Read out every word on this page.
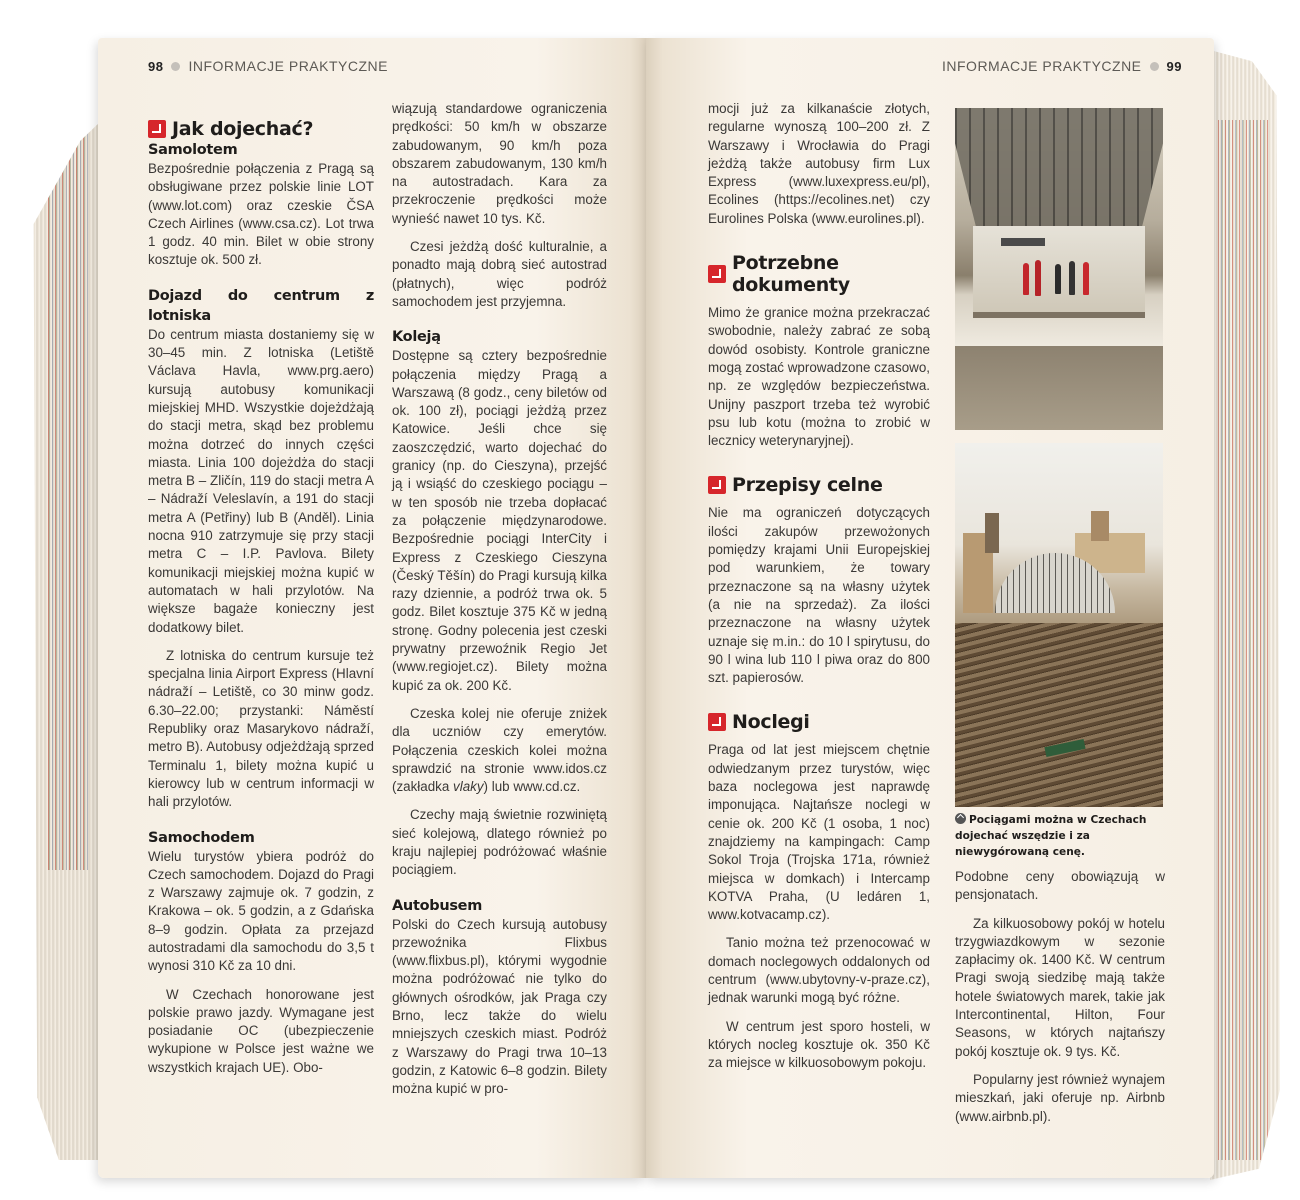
98 INFORMACJE PRAKTYCZNE
Jak dojechać?
Samolotem

Bezpośrednie połączenia z Pragą są obsługiwane przez polskie linie LOT (www.lot.com) oraz czeskie ČSA Czech Airlines (www.csa.cz). Lot trwa 1 godz. 40 min. Bilet w obie strony kosztuje ok. 500 zł.

Dojazd do centrum z lotniska

Do centrum miasta dostaniemy się w 30–45 min. Z lotniska (Letiště Václava Havla, www.prg.aero) kursują autobusy komunikacji miejskiej MHD. Wszystkie dojeżdżają do stacji metra, skąd bez problemu można dotrzeć do innych części miasta. Linia 100 dojeżdża do stacji metra B – Zličín, 119 do stacji metra A – Nádraží Veleslavín, a 191 do stacji metra A (Petřiny) lub B (Anděl). Linia nocna 910 zatrzymuje się przy stacji metra C – I.P. Pavlova. Bilety komunikacji miejskiej można kupić w automatach w hali przylotów. Na większe bagaże konieczny jest dodatkowy bilet.

Z lotniska do centrum kursuje też specjalna linia Airport Express (Hlavní nádraží – Letiště, co 30 minw godz. 6.30–22.00; przystanki: Náměstí Republiky oraz Masarykovo nádraží, metro B). Autobusy odjeżdżają sprzed Terminalu 1, bilety można kupić u kierowcy lub w centrum informacji w hali przylotów.

Samochodem

Wielu turystów ybiera podróż do Czech samochodem. Dojazd do Pragi z Warszawy zajmuje ok. 7 godzin, z Krakowa – ok. 5 godzin, a z Gdańska 8–9 godzin. Opłata za przejazd autostradami dla samochodu do 3,5 t wynosi 310 Kč za 10 dni.

W Czechach honorowane jest polskie prawo jazdy. Wymagane jest posiadanie OC (ubezpieczenie wykupione w Polsce jest ważne we wszystkich krajach UE). Obo-

wiązują standardowe ograniczenia prędkości: 50 km/h w obszarze zabudowanym, 90 km/h poza obszarem zabudowanym, 130 km/h na autostradach. Kara za przekroczenie prędkości może wynieść nawet 10 tys. Kč.

Czesi jeżdżą dość kulturalnie, a ponadto mają dobrą sieć autostrad (płatnych), więc podróż samochodem jest przyjemna.

Koleją

Dostępne są cztery bezpośrednie połączenia między Pragą a Warszawą (8 godz., ceny biletów od ok. 100 zł), pociągi jeżdżą przez Katowice. Jeśli chce się zaoszczędzić, warto dojechać do granicy (np. do Cieszyna), przejść ją i wsiąść do czeskiego pociągu – w ten sposób nie trzeba dopłacać za połączenie międzynarodowe. Bezpośrednie pociągi InterCity i Express z Czeskiego Cieszyna (Český Těšín) do Pragi kursują kilka razy dziennie, a podróż trwa ok. 5 godz. Bilet kosztuje 375 Kč w jedną stronę. Godny polecenia jest czeski prywatny przewoźnik Regio Jet (www.regiojet.cz). Bilety można kupić za ok. 200 Kč.

Czeska kolej nie oferuje zniżek dla uczniów czy emerytów. Połączenia czeskich kolei można sprawdzić na stronie www.idos.cz (zakładka vlaky) lub www.cd.cz.

Czechy mają świetnie rozwiniętą sieć kolejową, dlatego również po kraju najlepiej podróżować właśnie pociągiem.

Autobusem

Polski do Czech kursują autobusy przewoźnika Flixbus (www.flixbus.pl), którymi wygodnie można podróżować nie tylko do głównych ośrodków, jak Praga czy Brno, lecz także do wielu mniejszych czeskich miast. Podróż z Warszawy do Pragi trwa 10–13 godzin, z Katowic 6–8 godzin. Bilety można kupić w pro-

INFORMACJE PRAKTYCZNE 99

mocji już za kilkanaście złotych, regularne wynoszą 100–200 zł. Z Warszawy i Wrocławia do Pragi jeżdżą także autobusy firm Lux Express (www.luxexpress.eu/pl), Ecolines (https://ecolines.net) czy Eurolines Polska (www.eurolines.pl).

Potrzebne dokumenty

Mimo że granice można przekraczać swobodnie, należy zabrać ze sobą dowód osobisty. Kontrole graniczne mogą zostać wprowadzone czasowo, np. ze względów bezpieczeństwa. Unijny paszport trzeba też wyrobić psu lub kotu (można to zrobić w lecznicy weterynaryjnej).

Przepisy celne

Nie ma ograniczeń dotyczących ilości zakupów przewożonych pomiędzy krajami Unii Europejskiej pod warunkiem, że towary przeznaczone są na własny użytek (a nie na sprzedaż). Za ilości przeznaczone na własny użytek uznaje się m.in.: do 10 l spirytusu, do 90 l wina lub 110 l piwa oraz do 800 szt. papierosów.

Noclegi

Praga od lat jest miejscem chętnie odwiedzanym przez turystów, więc baza noclegowa jest naprawdę imponująca. Najtańsze noclegi w cenie ok. 200 Kč (1 osoba, 1 noc) znajdziemy na kampingach: Camp Sokol Troja (Trojska 171a, również miejsca w domkach) i Intercamp KOTVA Praha, (U ledáren 1, www.kotvacamp.cz).

Tanio można też przenocować w domach noclegowych oddalonych od centrum (www.ubytovny-v-praze.cz), jednak warunki mogą być różne.

W centrum jest sporo hosteli, w których nocleg kosztuje ok. 350 Kč za miejsce w kilkuosobowym pokoju.

Podobne ceny obowiązują w pensjonatach.

Za kilkuosobowy pokój w hotelu trzygwiazdkowym w sezonie zapłacimy ok. 1400 Kč. W centrum Pragi swoją siedzibę mają także hotele światowych marek, takie jak Intercontinental, Hilton, Four Seasons, w których najtańszy pokój kosztuje ok. 9 tys. Kč.

Popularny jest również wynajem mieszkań, jaki oferuje np. Airbnb (www.airbnb.pl).

Pociągami można w Czechach dojechać wszędzie i za niewygórowaną cenę.
